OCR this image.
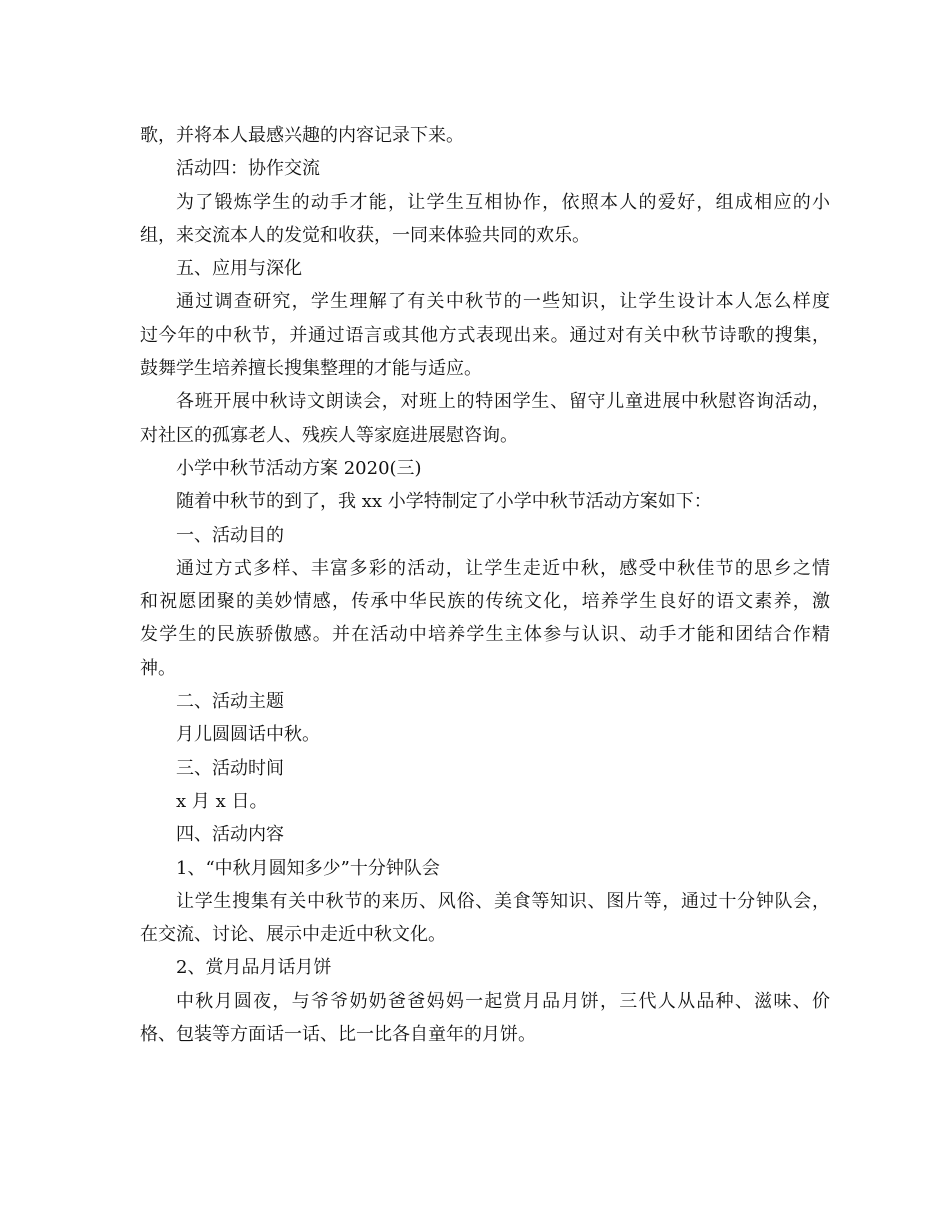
歌，并将本人最感兴趣的内容记录下来。

活动四：协作交流

为了锻炼学生的动手才能，让学生互相协作，依照本人的爱好，组成相应的小

组，来交流本人的发觉和收获，一同来体验共同的欢乐。

五、应用与深化

通过调查研究，学生理解了有关中秋节的一些知识，让学生设计本人怎么样度

过今年的中秋节，并通过语言或其他方式表现出来。通过对有关中秋节诗歌的搜集，

鼓舞学生培养擅长搜集整理的才能与适应。

各班开展中秋诗文朗读会，对班上的特困学生、留守儿童进展中秋慰咨询活动，

对社区的孤寡老人、残疾人等家庭进展慰咨询。

小学中秋节活动方案 2020(三)

随着中秋节的到了，我 xx 小学特制定了小学中秋节活动方案如下：

一、活动目的

通过方式多样、丰富多彩的活动，让学生走近中秋，感受中秋佳节的思乡之情

和祝愿团聚的美妙情感，传承中华民族的传统文化，培养学生良好的语文素养，激

发学生的民族骄傲感。并在活动中培养学生主体参与认识、动手才能和团结合作精

神。

二、活动主题

月儿圆圆话中秋。

三、活动时间

x 月 x 日。

四、活动内容

1、“中秋月圆知多少”十分钟队会

让学生搜集有关中秋节的来历、风俗、美食等知识、图片等，通过十分钟队会，

在交流、讨论、展示中走近中秋文化。

2、赏月品月话月饼

中秋月圆夜，与爷爷奶奶爸爸妈妈一起赏月品月饼，三代人从品种、滋味、价

格、包装等方面话一话、比一比各自童年的月饼。
